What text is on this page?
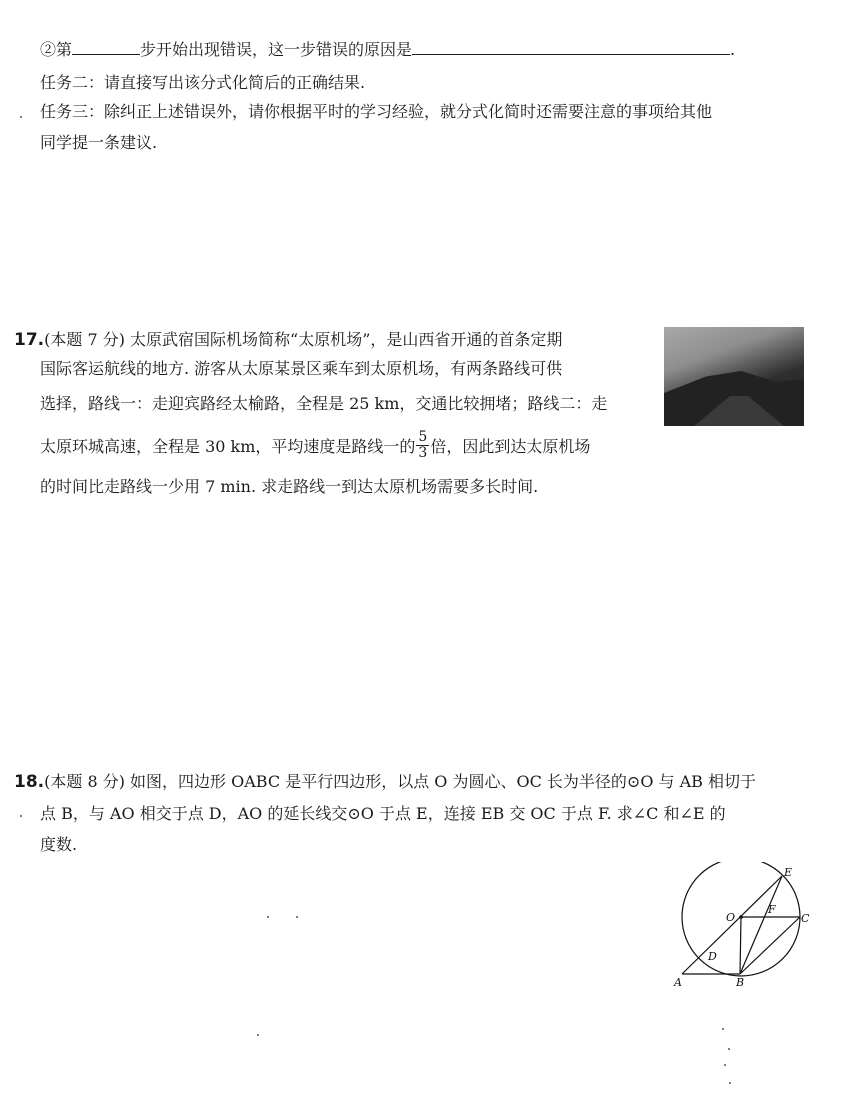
②第	步开始出现错误，这一步错误的原因是	.
任务二：请直接写出该分式化简后的正确结果.
任务三：除纠正上述错误外，请你根据平时的学习经验，就分式化简时还需要注意的事项给其他
同学提一条建议.
17.(本题 7 分) 太原武宿国际机场简称“太原机场”，是山西省开通的首条定期
国际客运航线的地方. 游客从太原某景区乘车到太原机场，有两条路线可供
选择，路线一：走迎宾路经太榆路，全程是 25 km，交通比较拥堵；路线二：走
太原环城高速，全程是 30 km，平均速度是路线一的 $\frac{5}{3}$ 倍，因此到达太原机场
的时间比走路线一少用 7 min. 求走路线一到达太原机场需要多长时间.
18.(本题 8 分) 如图，四边形 OABC 是平行四边形，以点 O 为圆心、OC 长为半径的⊙O 与 AB 相切于
点 B，与 AO 相交于点 D，AO 的延长线交⊙O 于点 E，连接 EB 交 OC 于点 F. 求∠C 和∠E 的
度数.
E
O
F
C
D
A	B
